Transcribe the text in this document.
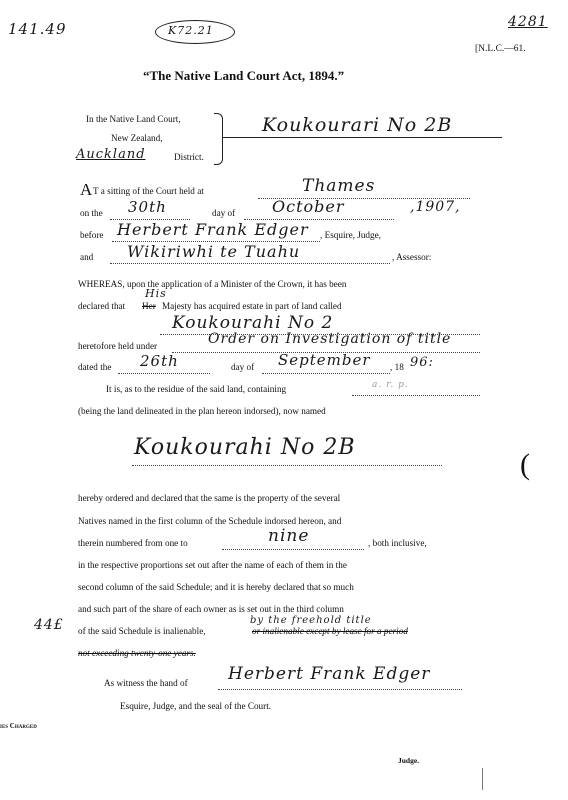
141.49	K72.21
4281
[N.L.C.—61.
“The Native Land Court Act, 1894.”
In the Native Land Court,
New Zealand,
Auckland	District.
Koukourari No 2B
A T a sitting of the Court held at	Thames
on the 30th	day of October	,1907,
before Herbert Frank Edger , Esquire, Judge,
and Wikiriwhi te Tuahu	, Assessor:
WHEREAS, upon the application of a Minister of the Crown, it has been
declared that Her
His
Majesty has acquired estate in part of land called
Koukourahi No 2
heretofore held under	Order on Investigation of title
dated the 26th	day of September , 18 96:
It is, as to the residue of the said land, containing	a. r. p.
(being the land delineated in the plan hereon indorsed), now named
Koukourahi No 2B
hereby ordered and declared that the same is the property of the several
Natives named in the first column of the Schedule indorsed hereon, and
therein numbered from one to	nine	, both inclusive,
in the respective proportions set out after the name of each of them in the
second column of the said Schedule; and it is hereby declared that so much
and such part of the share of each owner as is set out in the third column
by the freehold title
of the said Schedule is inalienable,	or inalienable except by lease for a period
not exceeding twenty-one years.
44£
(
As witness the hand of Herbert Frank Edger
Esquire, Judge, and the seal of the Court.
ies Charged
Judge.
